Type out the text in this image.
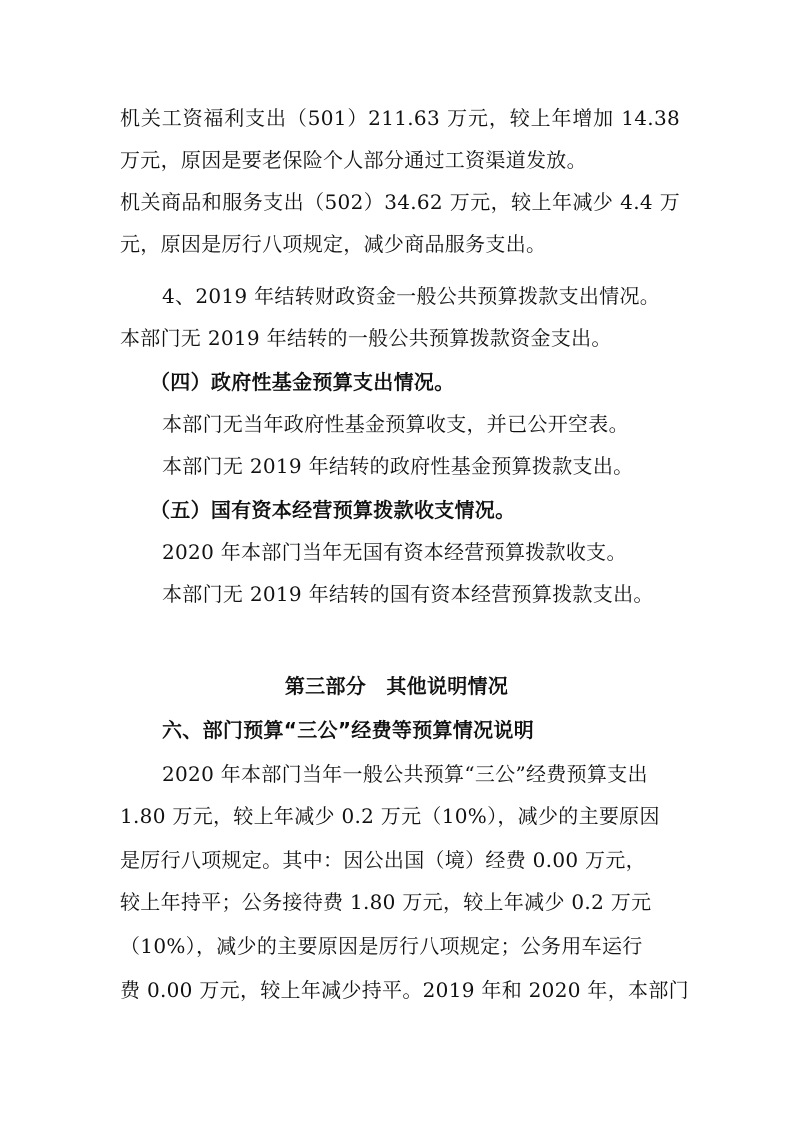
机关工资福利支出（501）211.63 万元，较上年增加 14.38
万元，原因是要老保险个人部分通过工资渠道发放。
机关商品和服务支出（502）34.62 万元，较上年减少 4.4 万
元，原因是厉行八项规定，减少商品服务支出。
4、2019 年结转财政资金一般公共预算拨款支出情况。
本部门无 2019 年结转的一般公共预算拨款资金支出。
（四）政府性基金预算支出情况。
本部门无当年政府性基金预算收支，并已公开空表。
本部门无 2019 年结转的政府性基金预算拨款支出。
（五）国有资本经营预算拨款收支情况。
2020 年本部门当年无国有资本经营预算拨款收支。
本部门无 2019 年结转的国有资本经营预算拨款支出。
第三部分　其他说明情况
六、部门预算“三公”经费等预算情况说明
2020 年本部门当年一般公共预算“三公”经费预算支出
1.80 万元，较上年减少 0.2 万元（10%），减少的主要原因
是厉行八项规定。其中：因公出国（境）经费 0.00 万元，
较上年持平；公务接待费 1.80 万元，较上年减少 0.2 万元
（10%），减少的主要原因是厉行八项规定；公务用车运行
费 0.00 万元，较上年减少持平。2019 年和 2020 年，本部门
